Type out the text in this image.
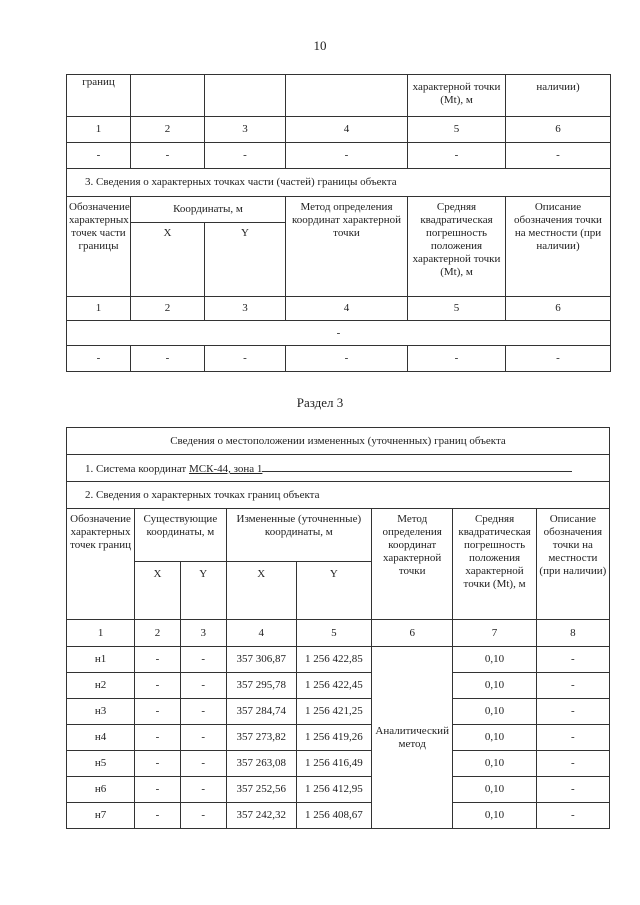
10
границ				характерной точки (Mt), м	наличии)
1	2	3	4	5	6
-	-	-	-	-	-
3. Сведения о характерных точках части (частей) границы объекта					
Обозначение характерных точек части границы	Координаты, м		Метод определения координат характерной точки	Средняя квадратическая погрешность положения характерной точки (Mt), м	Описание обозначения точки на местности (при наличии)
	X	Y			
1	2	3	4	5	6
-					
-	-	-	-	-	-
Раздел 3
Сведения о местоположении измененных (уточненных) границ объекта							
1. Система координат МСК-44, зона 1							
2. Сведения о характерных точках границ объекта							
Обозначение характерных точек границ	Существующие координаты, м		Измененные (уточненные) координаты, м		Метод определения координат характерной точки	Средняя квадратическая погрешность положения характерной точки (Mt), м	Описание обозначения точки на местности (при наличии)
	X	Y	X	Y			
1	2	3	4	5	6	7	8
н1	-	-	357 306,87	1 256 422,85	Аналитический метод	0,10	-
н2	-	-	357 295,78	1 256 422,45		0,10	-
н3	-	-	357 284,74	1 256 421,25		0,10	-
н4	-	-	357 273,82	1 256 419,26		0,10	-
н5	-	-	357 263,08	1 256 416,49		0,10	-
н6	-	-	357 252,56	1 256 412,95		0,10	-
н7	-	-	357 242,32	1 256 408,67		0,10	-
